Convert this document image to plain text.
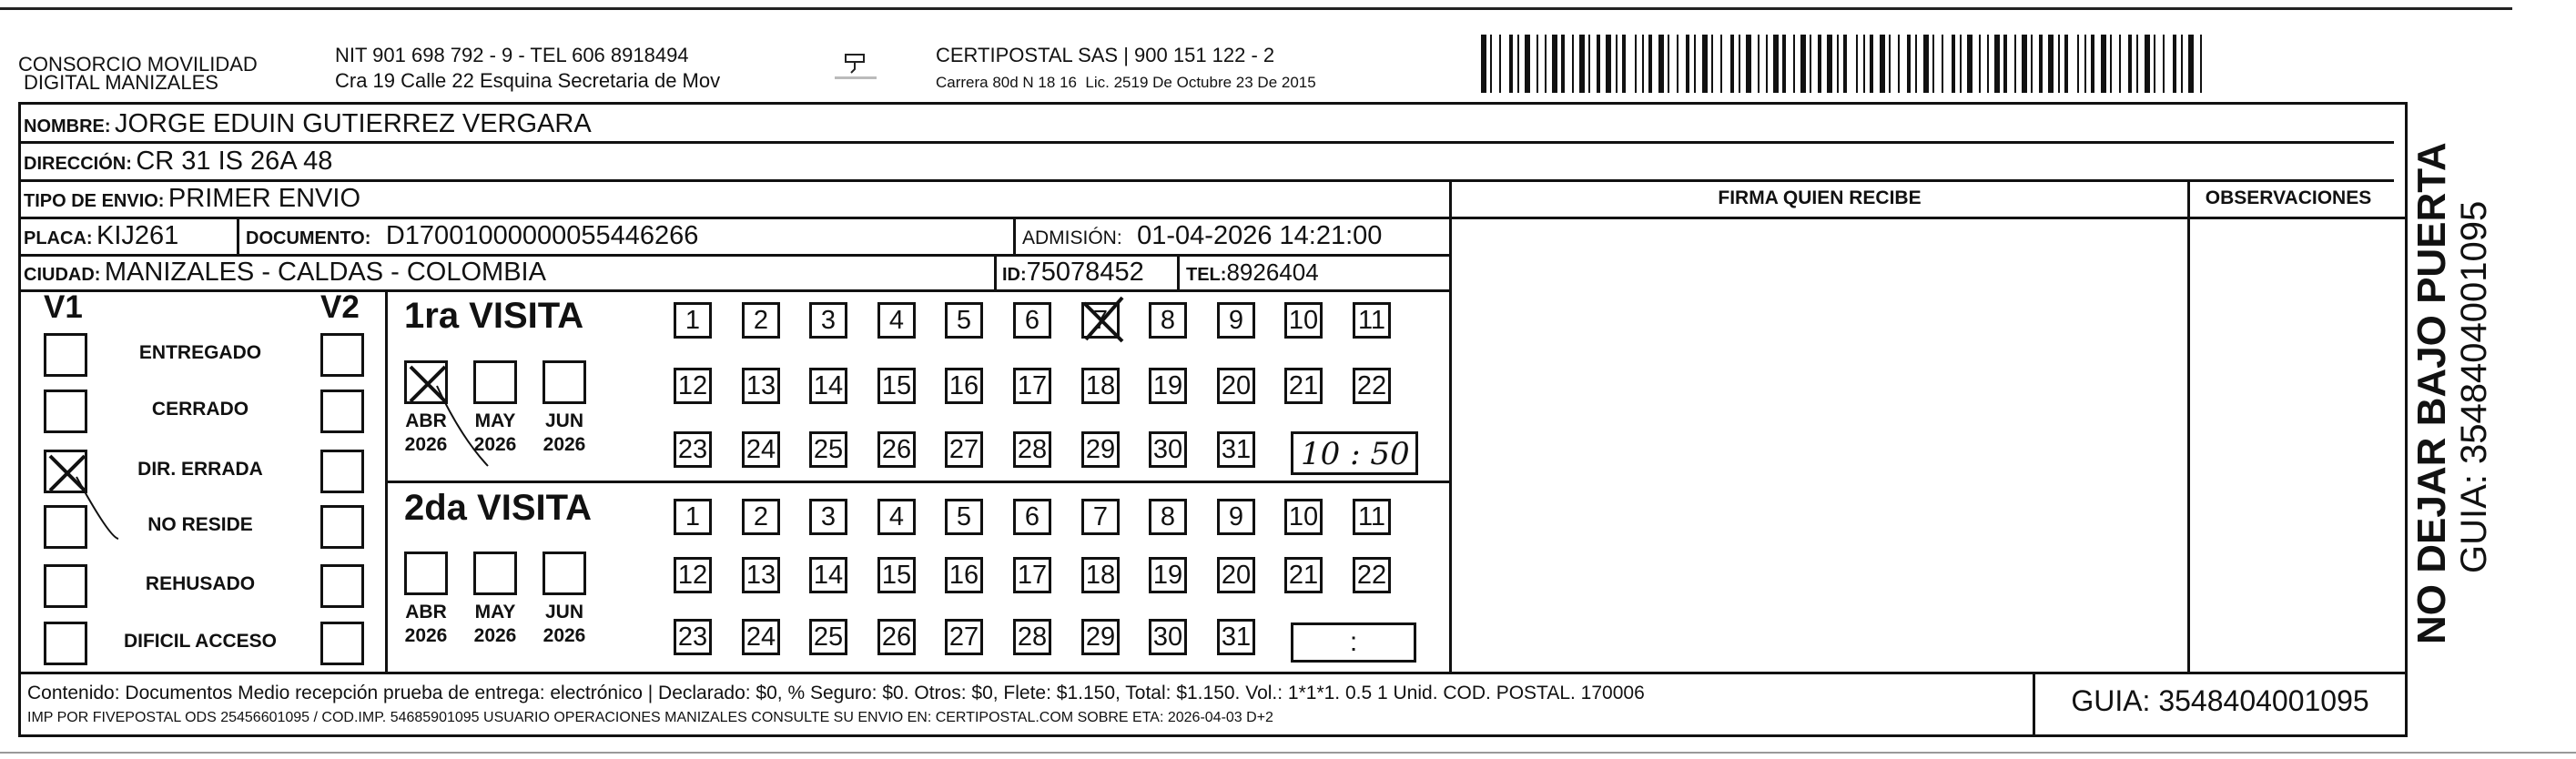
CONSORCIO MOVILIDAD
DIGITAL MANIZALES
NIT 901 698 792 - 9 - TEL 606 8918494
Cra 19 Calle 22 Esquina Secretaria de Mov
CERTIPOSTAL SAS | 900 151 122 - 2
Carrera 80d N 18 16  Lic. 2519 De Octubre 23 De 2015
NOMBRE: JORGE EDUIN GUTIERREZ VERGARA
DIRECCIÓN: CR 31 IS 26A 48
TIPO DE ENVIO: PRIMER ENVIO
PLACA: KIJ261	DOCUMENTO: D17001000000055446266	ADMISIÓN: 01-04-2026 14:21:00
CIUDAD: MANIZALES - CALDAS - COLOMBIA	ID:75078452 TEL:8926404
FIRMA QUIEN RECIBE	OBSERVACIONES
V1	V2
ENTREGADO
CERRADO
DIR. ERRADA
NO RESIDE
REHUSADO
DIFICIL ACCESO
1ra VISITA
2da VISITA
ABR
2026
MAY
2026
JUN
2026
ABR
2026
MAY
2026
JUN
2026
1 2 3 4 5 6 7 8 9 10 11
12 13 14 15 16 17 18 19 20 21 22
23 24 25 26 27 28 29 30 31
1 2 3 4 5 6 7 8 9 10 11
12 13 14 15 16 17 18 19 20 21 22
23 24 25 26 27 28 29 30 31
10 : 50
:
Contenido: Documentos Medio recepción prueba de entrega: electrónico | Declarado: $0, % Seguro: $0. Otros: $0, Flete: $1.150, Total: $1.150. Vol.: 1*1*1. 0.5 1 Unid. COD. POSTAL. 170006
IMP POR FIVEPOSTAL ODS 25456601095 / COD.IMP. 54685901095 USUARIO OPERACIONES MANIZALES CONSULTE SU ENVIO EN: CERTIPOSTAL.COM SOBRE ETA: 2026-04-03 D+2
GUIA: 3548404001095
NO DEJAR BAJO PUERTA GUIA: 3548404001095
